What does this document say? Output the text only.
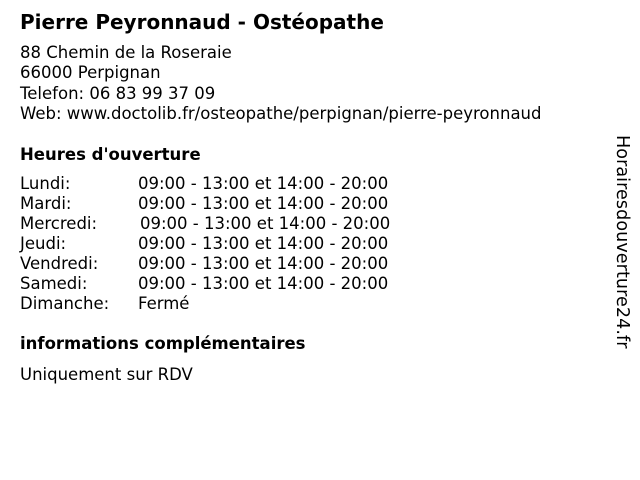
Pierre Peyronnaud - Ostéopathe
88 Chemin de la Roseraie
66000 Perpignan
Telefon: 06 83 99 37 09
Web: www.doctolib.fr/osteopathe/perpignan/pierre-peyronnaud
Heures d'ouverture
Lundi:	09:00 - 13:00 et 14:00 - 20:00
Mardi:	09:00 - 13:00 et 14:00 - 20:00
Mercredi:	09:00 - 13:00 et 14:00 - 20:00
Jeudi:	09:00 - 13:00 et 14:00 - 20:00
Vendredi: 09:00 - 13:00 et 14:00 - 20:00
Samedi:	09:00 - 13:00 et 14:00 - 20:00
Dimanche: Fermé
informations complémentaires
Uniquement sur RDV
Horairesdouverture24.fr
